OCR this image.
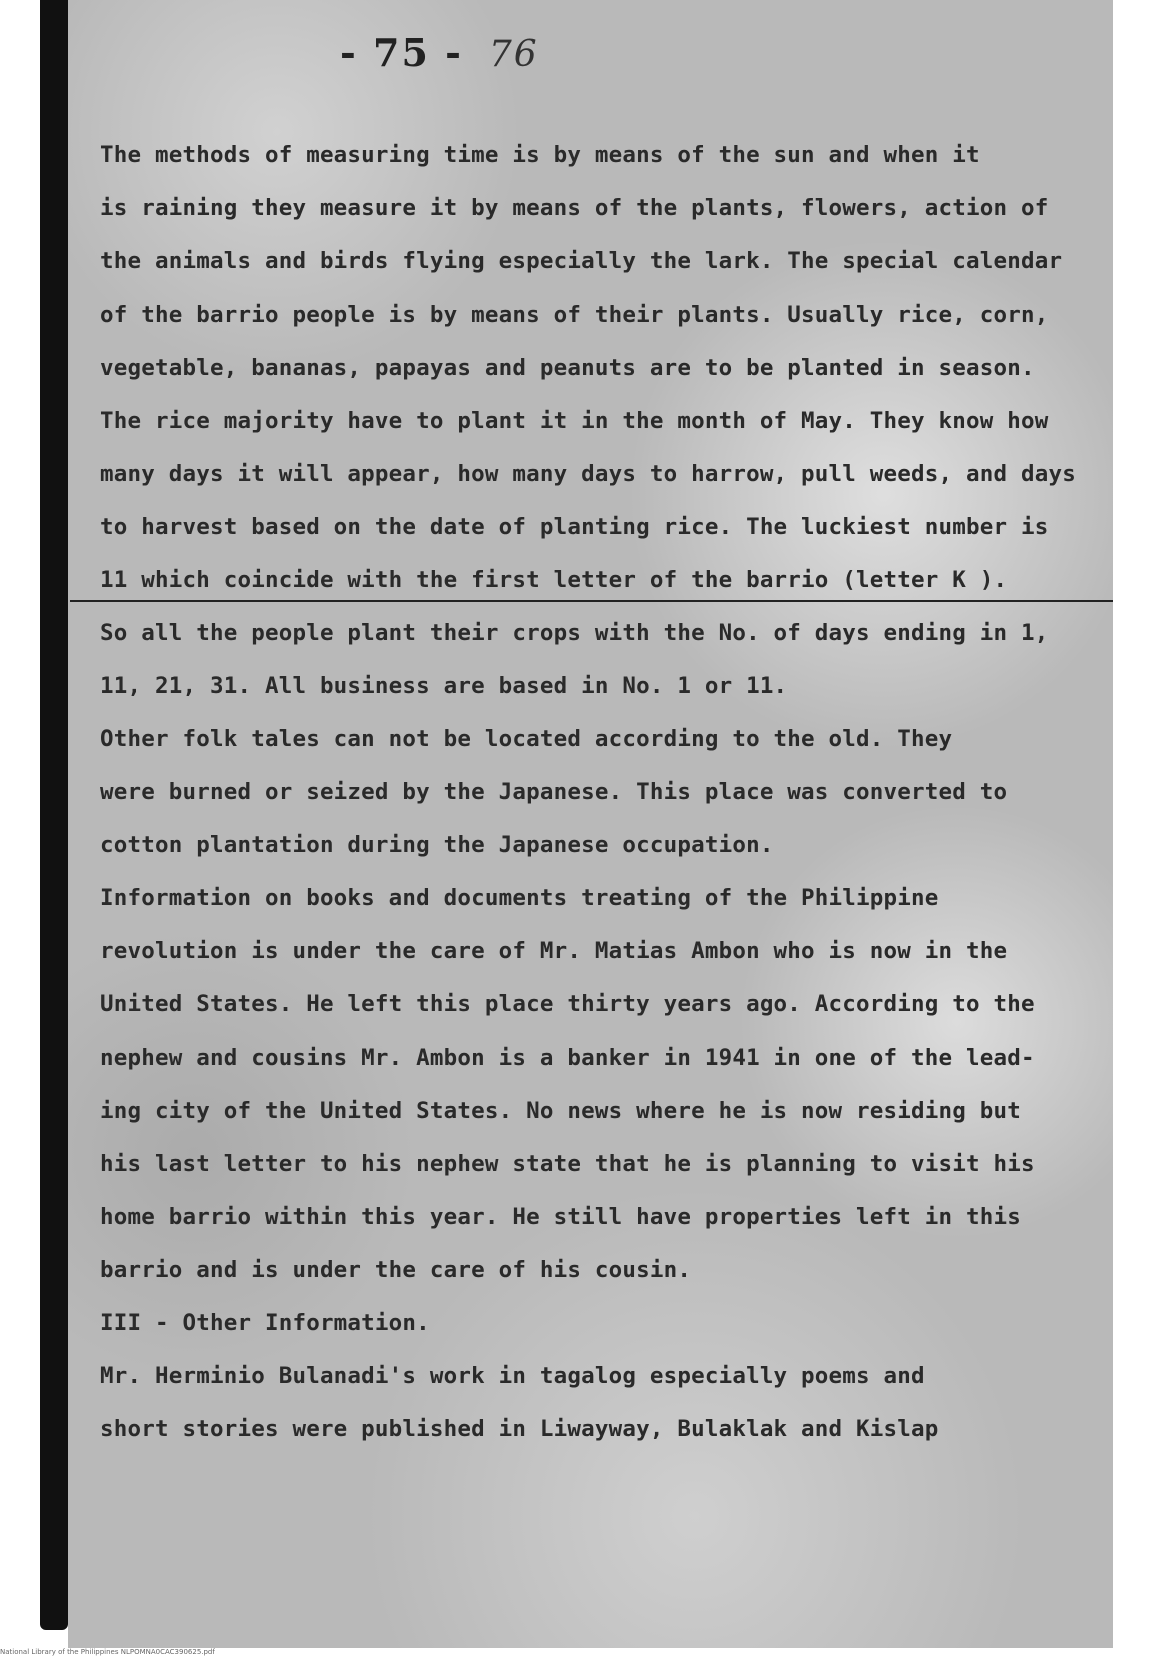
- 75 - 76
The methods of measuring time is by means of the sun and when it
is raining they measure it by means of the plants, flowers, action of
the animals and birds flying especially the lark. The special calendar
of the barrio people is by means of their plants. Usually rice, corn,
vegetable, bananas, papayas and peanuts are to be planted in season.
The rice majority have to plant it in the month of May. They know how
many days it will appear, how many days to harrow, pull weeds, and days
to harvest based on the date of planting rice. The luckiest number is
11 which coincide with the first letter of the barrio (letter K ).
So all the people plant their crops with the No. of days ending in 1,
11, 21, 31. All business are based in No. 1 or 11.
Other folk tales can not be located according to the old. They
were burned or seized by the Japanese. This place was converted to
cotton plantation during the Japanese occupation.
Information on books and documents treating of the Philippine
revolution is under the care of Mr. Matias Ambon who is now in the
United States. He left this place thirty years ago. According to the
nephew and cousins Mr. Ambon is a banker in 1941 in one of the lead-
ing city of the United States. No news where he is now residing but
his last letter to his nephew state that he is planning to visit his
home barrio within this year. He still have properties left in this
barrio and is under the care of his cousin.
III - Other Information.
Mr. Herminio Bulanadi's work in tagalog especially poems and
short stories were published in Liwayway, Bulaklak and Kislap
National Library of the Philippines NLPOMNA0CAC390625.pdf
